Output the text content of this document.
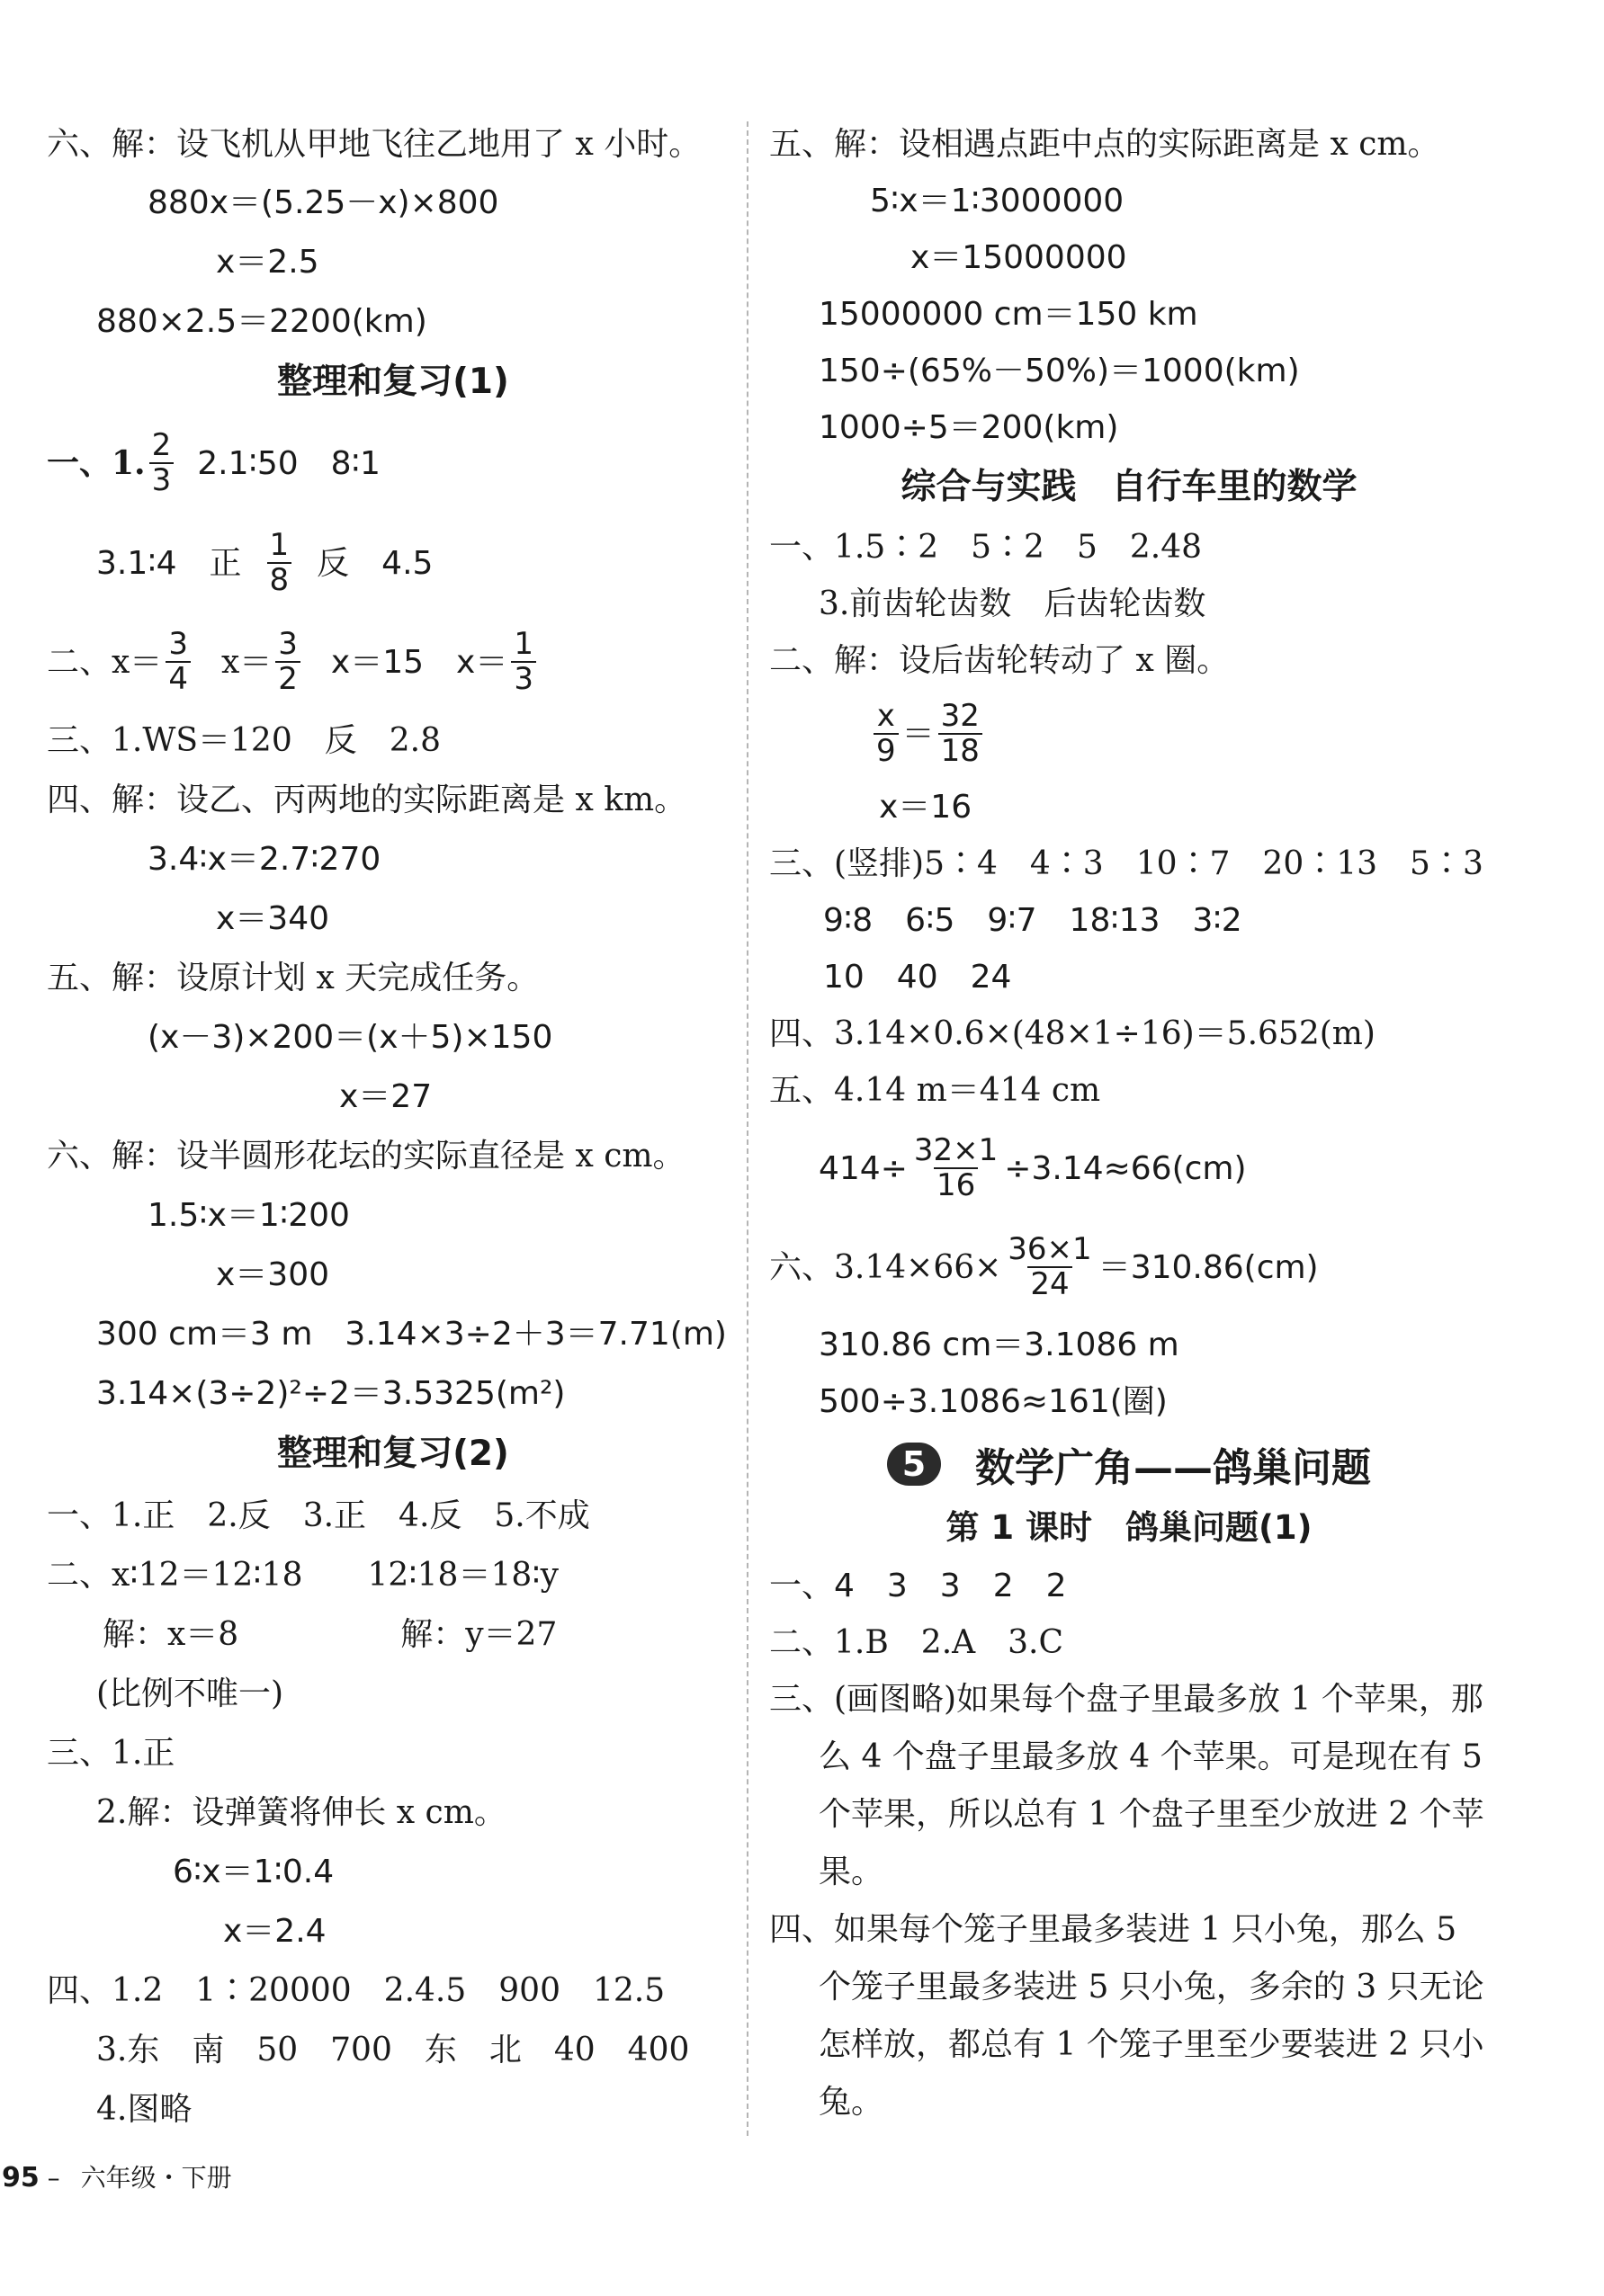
六、解：设飞机从甲地飞往乙地用了 x 小时。
880x＝(5.25－x)×800
x＝2.5
880×2.5＝2200(km)
整理和复习(1)
一、1. $\frac{2}{3}$ 2.1∶50　8∶1
3.1∶4　正 $\frac{1}{8}$ 反　4.5
二、$x= \frac{3}{4} x= \frac{3}{2} x=15$　$x= \frac{1}{3}$
三、1.WS＝120　反　2.8
四、解：设乙、丙两地的实际距离是 x km。
3.4∶x＝2.7∶270
x＝340
五、解：设原计划 x 天完成任务。
(x－3)×200＝(x＋5)×150
x＝27
六、解：设半圆形花坛的实际直径是 x cm。
1.5∶x＝1∶200
x＝300
300 cm＝3 m　3.14×3÷2＋3＝7.71(m)
3.14×(3÷2)²÷2＝3.5325(m²)
整理和复习(2)
一、1.正　2.反　3.正　4.反　5.不成
二、x∶12＝12∶18　　12∶18＝18∶y
解：x＝8　　　　　解：y＝27
(比例不唯一)
三、1.正
2.解：设弹簧将伸长 x cm。
6∶x＝1∶0.4
x＝2.4
四、1.2　1∶20000　2.4.5　900　12.5
3.东　南　50　700　东　北　40　400
4.图略
五、解：设相遇点距中点的实际距离是 x cm。
5∶x＝1∶3000000
x＝15000000
15000000 cm＝150 km
150÷(65%－50%)＝1000(km)
1000÷5＝200(km)
综合与实践　自行车里的数学
一、1.5∶2　5∶2　5　2.48
3.前齿轮齿数　后齿轮齿数
二、解：设后齿轮转动了 x 圈。
$\frac{x}{9} = \frac{32}{18}$
x＝16
三、(竖排)5∶4　4∶3　10∶7　20∶13　5∶3
9∶8　6∶5　9∶7　18∶13　3∶2
10　40　24
四、3.14×0.6×(48×1÷16)＝5.652(m)
五、4.14 m＝414 cm
$414\div \frac{32\times 1}{16} \div 3.14\approx 66(cm)$
六、$3.14\times 66\times \frac{36\times 1}{24} =310.86(cm)$
310.86 cm＝3.1086 m
500÷3.1086≈161(圈)
5	数学广角——鸽巢问题
第 1 课时　鸽巢问题(1)
一、4　3　3　2　2
二、1.B　2.A　3.C
三、(画图略)如果每个盘子里最多放 1 个苹果，那么 4 个盘子里最多放 4 个苹果。可是现在有 5 个苹果，所以总有 1 个盘子里至少放进 2 个苹果。
四、如果每个笼子里最多装进 1 只小兔，那么 5 个笼子里最多装进 5 只小兔，多余的 3 只无论怎样放，都总有 1 个笼子里至少要装进 2 只小兔。
95 – 六年级・下册
